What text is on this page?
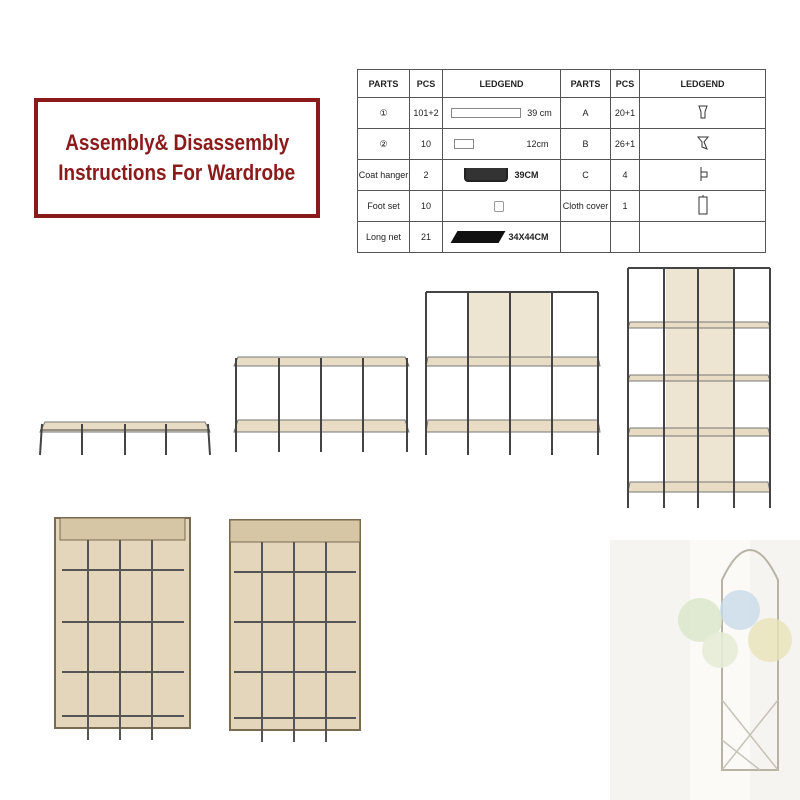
Assembly& Disassembly
Instructions For Wardrobe
PARTS	PCS	LEDGEND	PARTS	PCS	LEDGEND
①	101+2	39 cm	A	20+1	
②	10	12cm	B	26+1	
Coat hanger	2	39CM	C	4	
Foot set	10		Cloth cover	1	
Long net	21	34X44CM			
